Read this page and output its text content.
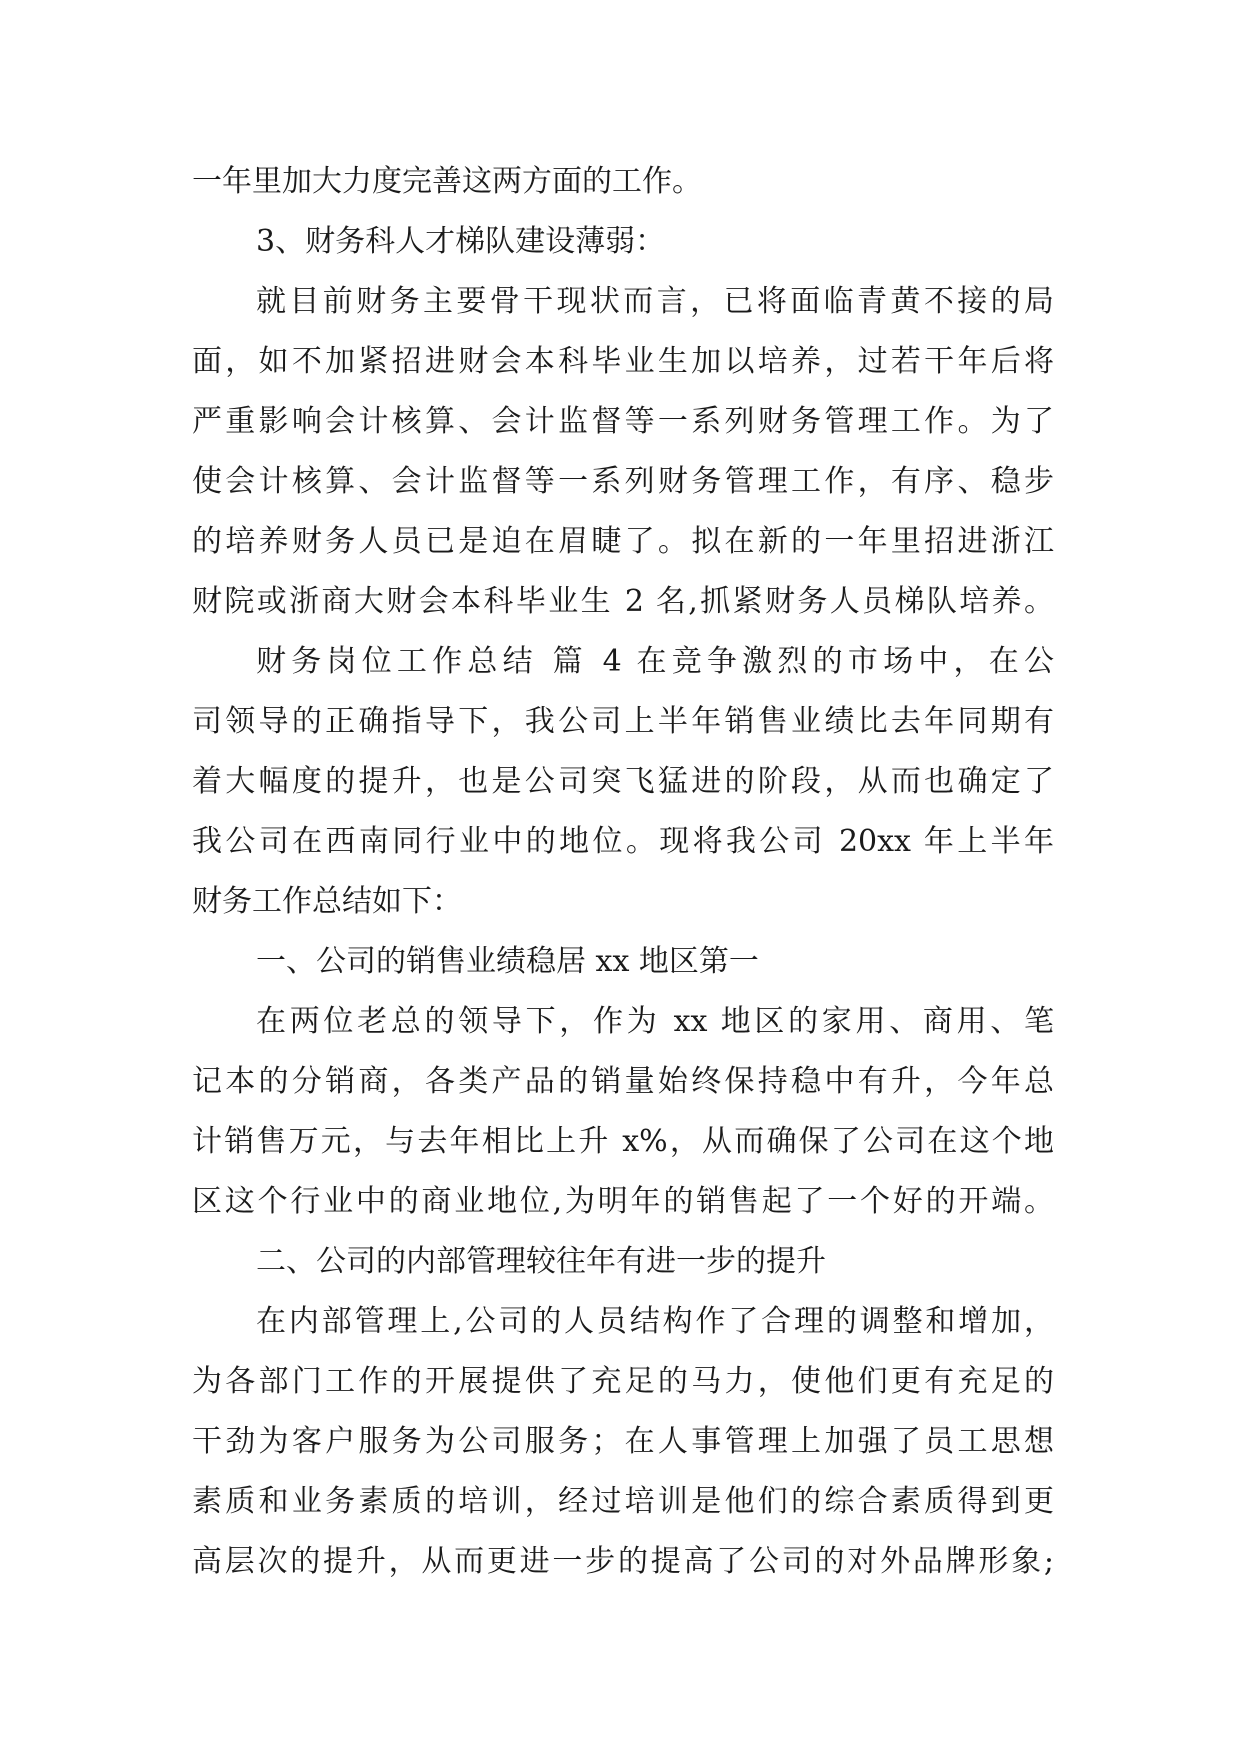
一年里加大力度完善这两方面的工作。
3、财务科人才梯队建设薄弱：
就目前财务主要骨干现状而言，已将面临青黄不接的局
面，如不加紧招进财会本科毕业生加以培养，过若干年后将
严重影响会计核算、会计监督等一系列财务管理工作。为了
使会计核算、会计监督等一系列财务管理工作，有序、稳步
的培养财务人员已是迫在眉睫了。拟在新的一年里招进浙江
财院或浙商大财会本科毕业生 2 名,抓紧财务人员梯队培养。
财务岗位工作总结 篇 4 在竞争激烈的市场中，在公
司领导的正确指导下，我公司上半年销售业绩比去年同期有
着大幅度的提升，也是公司突飞猛进的阶段，从而也确定了
我公司在西南同行业中的地位。现将我公司 20xx 年上半年
财务工作总结如下：
一、公司的销售业绩稳居 xx 地区第一
在两位老总的领导下，作为 xx 地区的家用、商用、笔
记本的分销商，各类产品的销量始终保持稳中有升，今年总
计销售万元，与去年相比上升 x%，从而确保了公司在这个地
区这个行业中的商业地位,为明年的销售起了一个好的开端。
二、公司的内部管理较往年有进一步的提升
在内部管理上,公司的人员结构作了合理的调整和增加，
为各部门工作的开展提供了充足的马力，使他们更有充足的
干劲为客户服务为公司服务；在人事管理上加强了员工思想
素质和业务素质的培训，经过培训是他们的综合素质得到更
高层次的提升，从而更进一步的提高了公司的对外品牌形象;
